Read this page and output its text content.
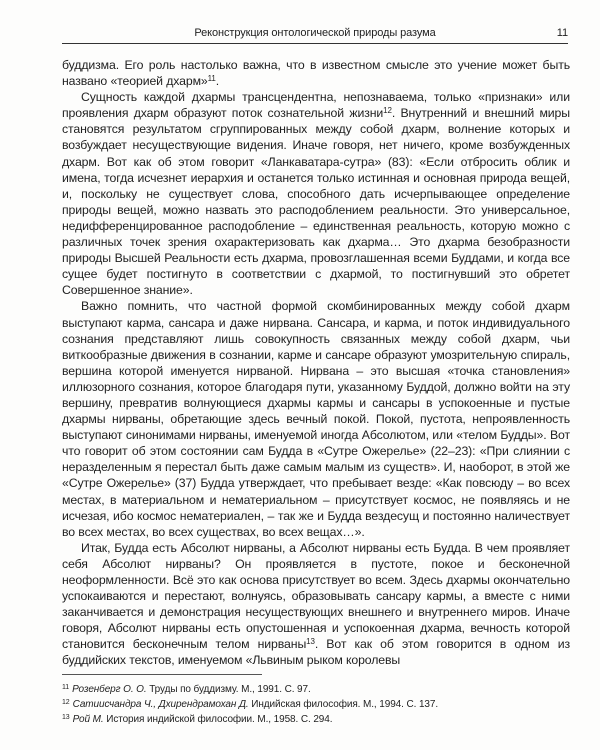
Реконструкция онтологической природы разума	11

буддизма. Его роль настолько важна, что в известном смысле это учение может быть названо «теорией дхарм»$^{11}$.

Сущность каждой дхармы трансцендентна, непознаваема, только «признаки» или проявления дхарм образуют поток сознательной жизни$^{12}$. Внутренний и внешний миры становятся результатом сгруппированных между собой дхарм, волнение которых и возбуждает несуществующие видения. Иначе говоря, нет ничего, кроме возбужденных дхарм. Вот как об этом говорит «Ланкаватара-сутра» (83): «Если отбросить облик и имена, тогда исчезнет иерархия и останется только истинная и основная природа вещей, и, поскольку не существует слова, способного дать исчерпывающее определение природы вещей, можно назвать это расподоблением реальности. Это универсальное, недифференцированное расподобление – единственная реальность, которую можно с различных точек зрения охарактеризовать как дхарма… Это дхарма безобразности природы Высшей Реальности есть дхарма, провозглашенная всеми Буддами, и когда все сущее будет постигнуто в соответствии с дхармой, то постигнувший это обретет Совершенное знание».

Важно помнить, что частной формой скомбинированных между собой дхарм выступают карма, сансара и даже нирвана. Сансара, и карма, и поток индивидуального сознания представляют лишь совокупность связанных между собой дхарм, чьи виткообразные движения в сознании, карме и сансаре образуют умозрительную спираль, вершина которой именуется нирваной. Нирвана – это высшая «точка становления» иллюзорного сознания, которое благодаря пути, указанному Буддой, должно войти на эту вершину, превратив волнующиеся дхармы кармы и сансары в успокоенные и пустые дхармы нирваны, обретающие здесь вечный покой. Покой, пустота, непроявленность выступают синонимами нирваны, именуемой иногда Абсолютом, или «телом Будды». Вот что говорит об этом состоянии сам Будда в «Сутре Ожерелье» (22–23): «При слиянии с неразделенным я перестал быть даже самым малым из существ». И, наоборот, в этой же «Сутре Ожерелье» (37) Будда утверждает, что пребывает везде: «Как повсюду – во всех местах, в материальном и нематериальном – присутствует космос, не появляясь и не исчезая, ибо космос нематериален, – так же и Будда вездесущ и постоянно наличествует во всех местах, во всех существах, во всех вещах…».

Итак, Будда есть Абсолют нирваны, а Абсолют нирваны есть Будда. В чем проявляет себя Абсолют нирваны? Он проявляется в пустоте, покое и бесконечной неоформленности. Всё это как основа присутствует во всем. Здесь дхармы окончательно успокаиваются и перестают, волнуясь, образовывать сансару кармы, а вместе с ними заканчивается и демонстрация несуществующих внешнего и внутреннего миров. Иначе говоря, Абсолют нирваны есть опустошенная и успокоенная дхарма, вечность которой становится бесконечным телом нирваны$^{13}$. Вот как об этом говорится в одном из буддийских текстов, именуемом «Львиным рыком королевы

$^{11}$ Розенберг О. О. Труды по буддизму. М., 1991. С. 97.
$^{12}$ Сатиисчандра Ч., Дхирендрамохан Д. Индийская философия. М., 1994. С. 137.
$^{13}$ Рой М. История индийской философии. М., 1958. С. 294.
